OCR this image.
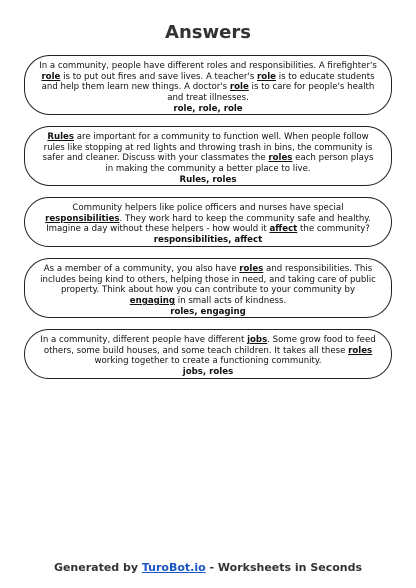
Answers
In a community, people have different roles and responsibilities. A firefighter's role is to put out fires and save lives. A teacher's role is to educate students and help them learn new things. A doctor's role is to care for people's health and treat illnesses.
role, role, role
Rules are important for a community to function well. When people follow rules like stopping at red lights and throwing trash in bins, the community is safer and cleaner. Discuss with your classmates the roles each person plays in making the community a better place to live.
Rules, roles
Community helpers like police officers and nurses have special responsibilities. They work hard to keep the community safe and healthy. Imagine a day without these helpers - how would it affect the community?
responsibilities, affect
As a member of a community, you also have roles and responsibilities. This includes being kind to others, helping those in need, and taking care of public property. Think about how you can contribute to your community by engaging in small acts of kindness.
roles, engaging
In a community, different people have different jobs. Some grow food to feed others, some build houses, and some teach children. It takes all these roles working together to create a functioning community.
jobs, roles
Generated by TuroBot.io - Worksheets in Seconds
